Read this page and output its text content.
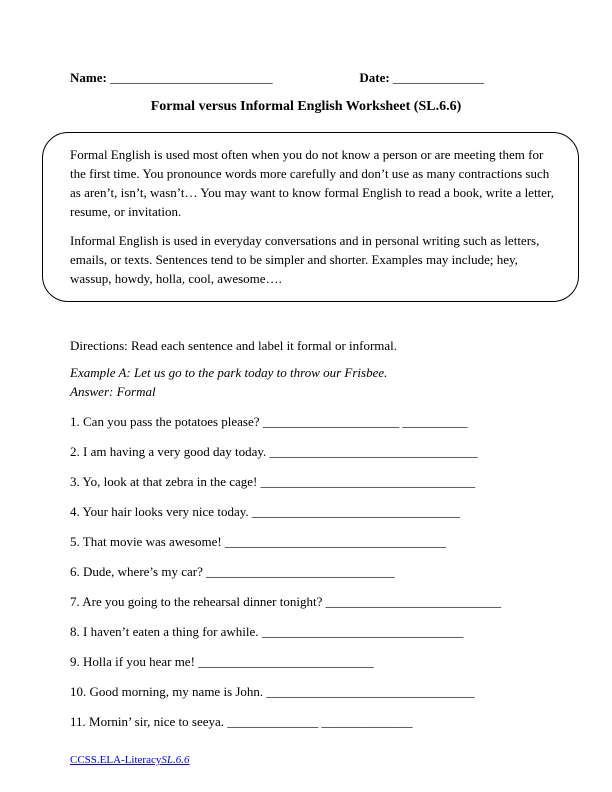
Name: _________________________	Date: ______________
Formal versus Informal English Worksheet (SL.6.6)

Formal English is used most often when you do not know a person or are meeting them for the first time. You pronounce words more carefully and don’t use as many contractions such as aren’t, isn’t, wasn’t… You may want to know formal English to read a book, write a letter, resume, or invitation.

Informal English is used in everyday conversations and in personal writing such as letters, emails, or texts. Sentences tend to be simpler and shorter. Examples may include; hey, wassup, howdy, holla, cool, awesome….

Directions: Read each sentence and label it formal or informal.

Example A: Let us go to the park today to throw our Frisbee.
Answer: Formal
1. Can you pass the potatoes please? _____________________ __________
2. I am having a very good day today. ________________________________
3. Yo, look at that zebra in the cage! _________________________________
4. Your hair looks very nice today. ________________________________
5. That movie was awesome! __________________________________
6. Dude, where’s my car? _____________________________
7. Are you going to the rehearsal dinner tonight? ___________________________
8. I haven’t eaten a thing for awhile. _______________________________
9. Holla if you hear me! ___________________________
10. Good morning, my name is John. ________________________________
11. Mornin’ sir, nice to seeya. ______________ ______________
CCSS.ELA-LiteracySL.6.6
